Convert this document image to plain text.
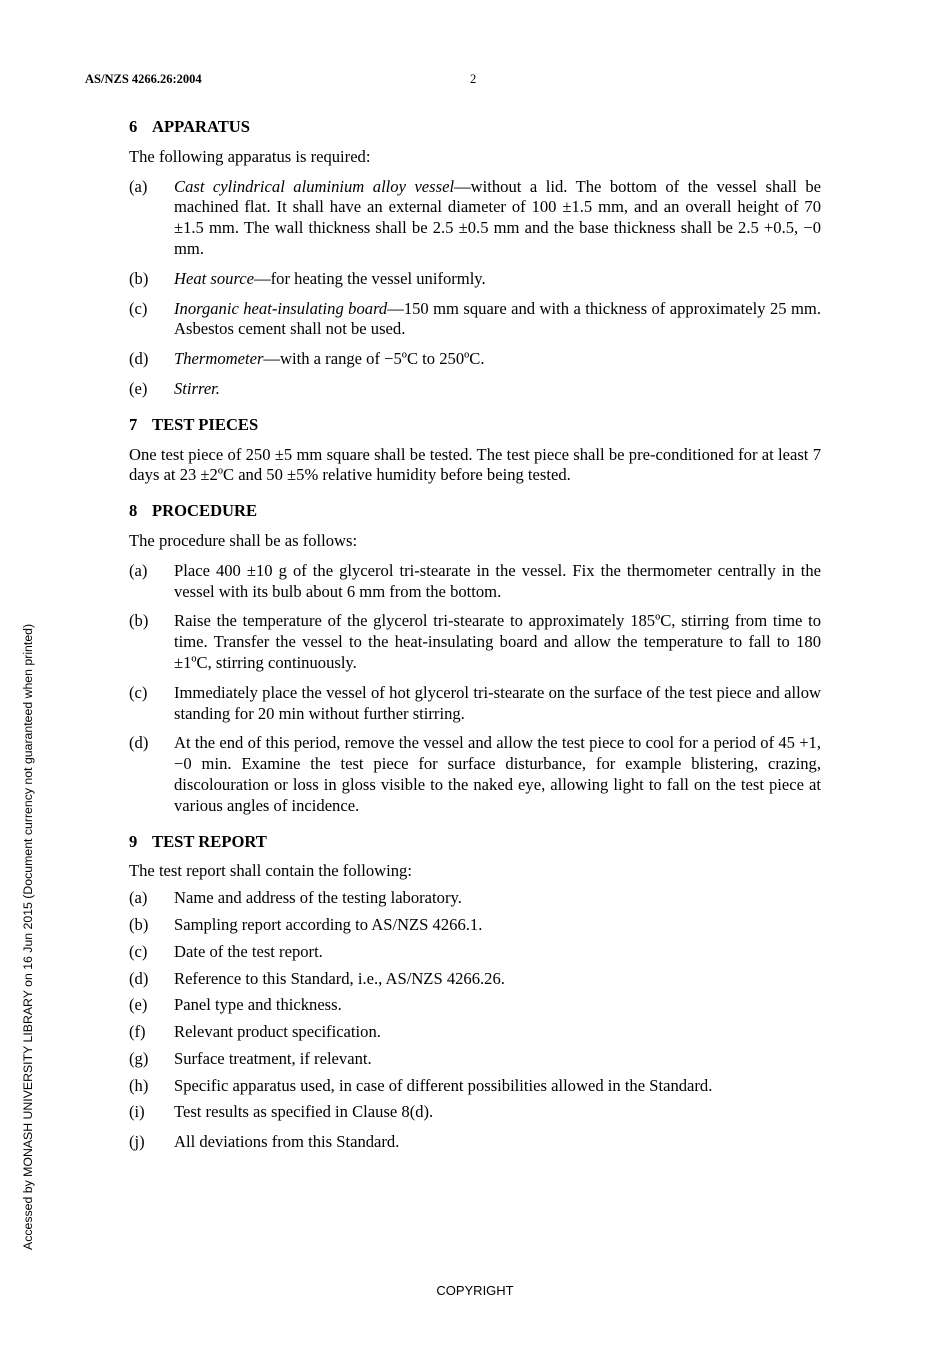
AS/NZS 4266.26:2004	2
Accessed by MONASH UNIVERSITY LIBRARY on 16 Jun 2015 (Document currency not guaranteed when printed)
6 APPARATUS
The following apparatus is required:
(a)	Cast cylindrical aluminium alloy vessel—without a lid. The bottom of the vessel shall be machined flat. It shall have an external diameter of 100 ±1.5 mm, and an overall height of 70 ±1.5 mm. The wall thickness shall be 2.5 ±0.5 mm and the base thickness shall be 2.5 +0.5, −0 mm.
(b)	Heat source—for heating the vessel uniformly.
(c)	Inorganic heat-insulating board—150 mm square and with a thickness of approximately 25 mm. Asbestos cement shall not be used.
(d)	Thermometer—with a range of −5ºC to 250ºC.
(e)	Stirrer.
7 TEST PIECES
One test piece of 250 ±5 mm square shall be tested. The test piece shall be pre-conditioned for at least 7 days at 23 ±2ºC and 50 ±5% relative humidity before being tested.
8 PROCEDURE
The procedure shall be as follows:
(a)	Place 400 ±10 g of the glycerol tri-stearate in the vessel. Fix the thermometer centrally in the vessel with its bulb about 6 mm from the bottom.
(b)	Raise the temperature of the glycerol tri-stearate to approximately 185ºC, stirring from time to time. Transfer the vessel to the heat-insulating board and allow the temperature to fall to 180 ±1ºC, stirring continuously.
(c)	Immediately place the vessel of hot glycerol tri-stearate on the surface of the test piece and allow standing for 20 min without further stirring.
(d)	At the end of this period, remove the vessel and allow the test piece to cool for a period of 45 +1, −0 min. Examine the test piece for surface disturbance, for example blistering, crazing, discolouration or loss in gloss visible to the naked eye, allowing light to fall on the test piece at various angles of incidence.
9 TEST REPORT
The test report shall contain the following:
(a)	Name and address of the testing laboratory.
(b)	Sampling report according to AS/NZS 4266.1.
(c)	Date of the test report.
(d)	Reference to this Standard, i.e., AS/NZS 4266.26.
(e)	Panel type and thickness.
(f)	Relevant product specification.
(g)	Surface treatment, if relevant.
(h)	Specific apparatus used, in case of different possibilities allowed in the Standard.
(i)	Test results as specified in Clause 8(d).
(j)	All deviations from this Standard.
COPYRIGHT
